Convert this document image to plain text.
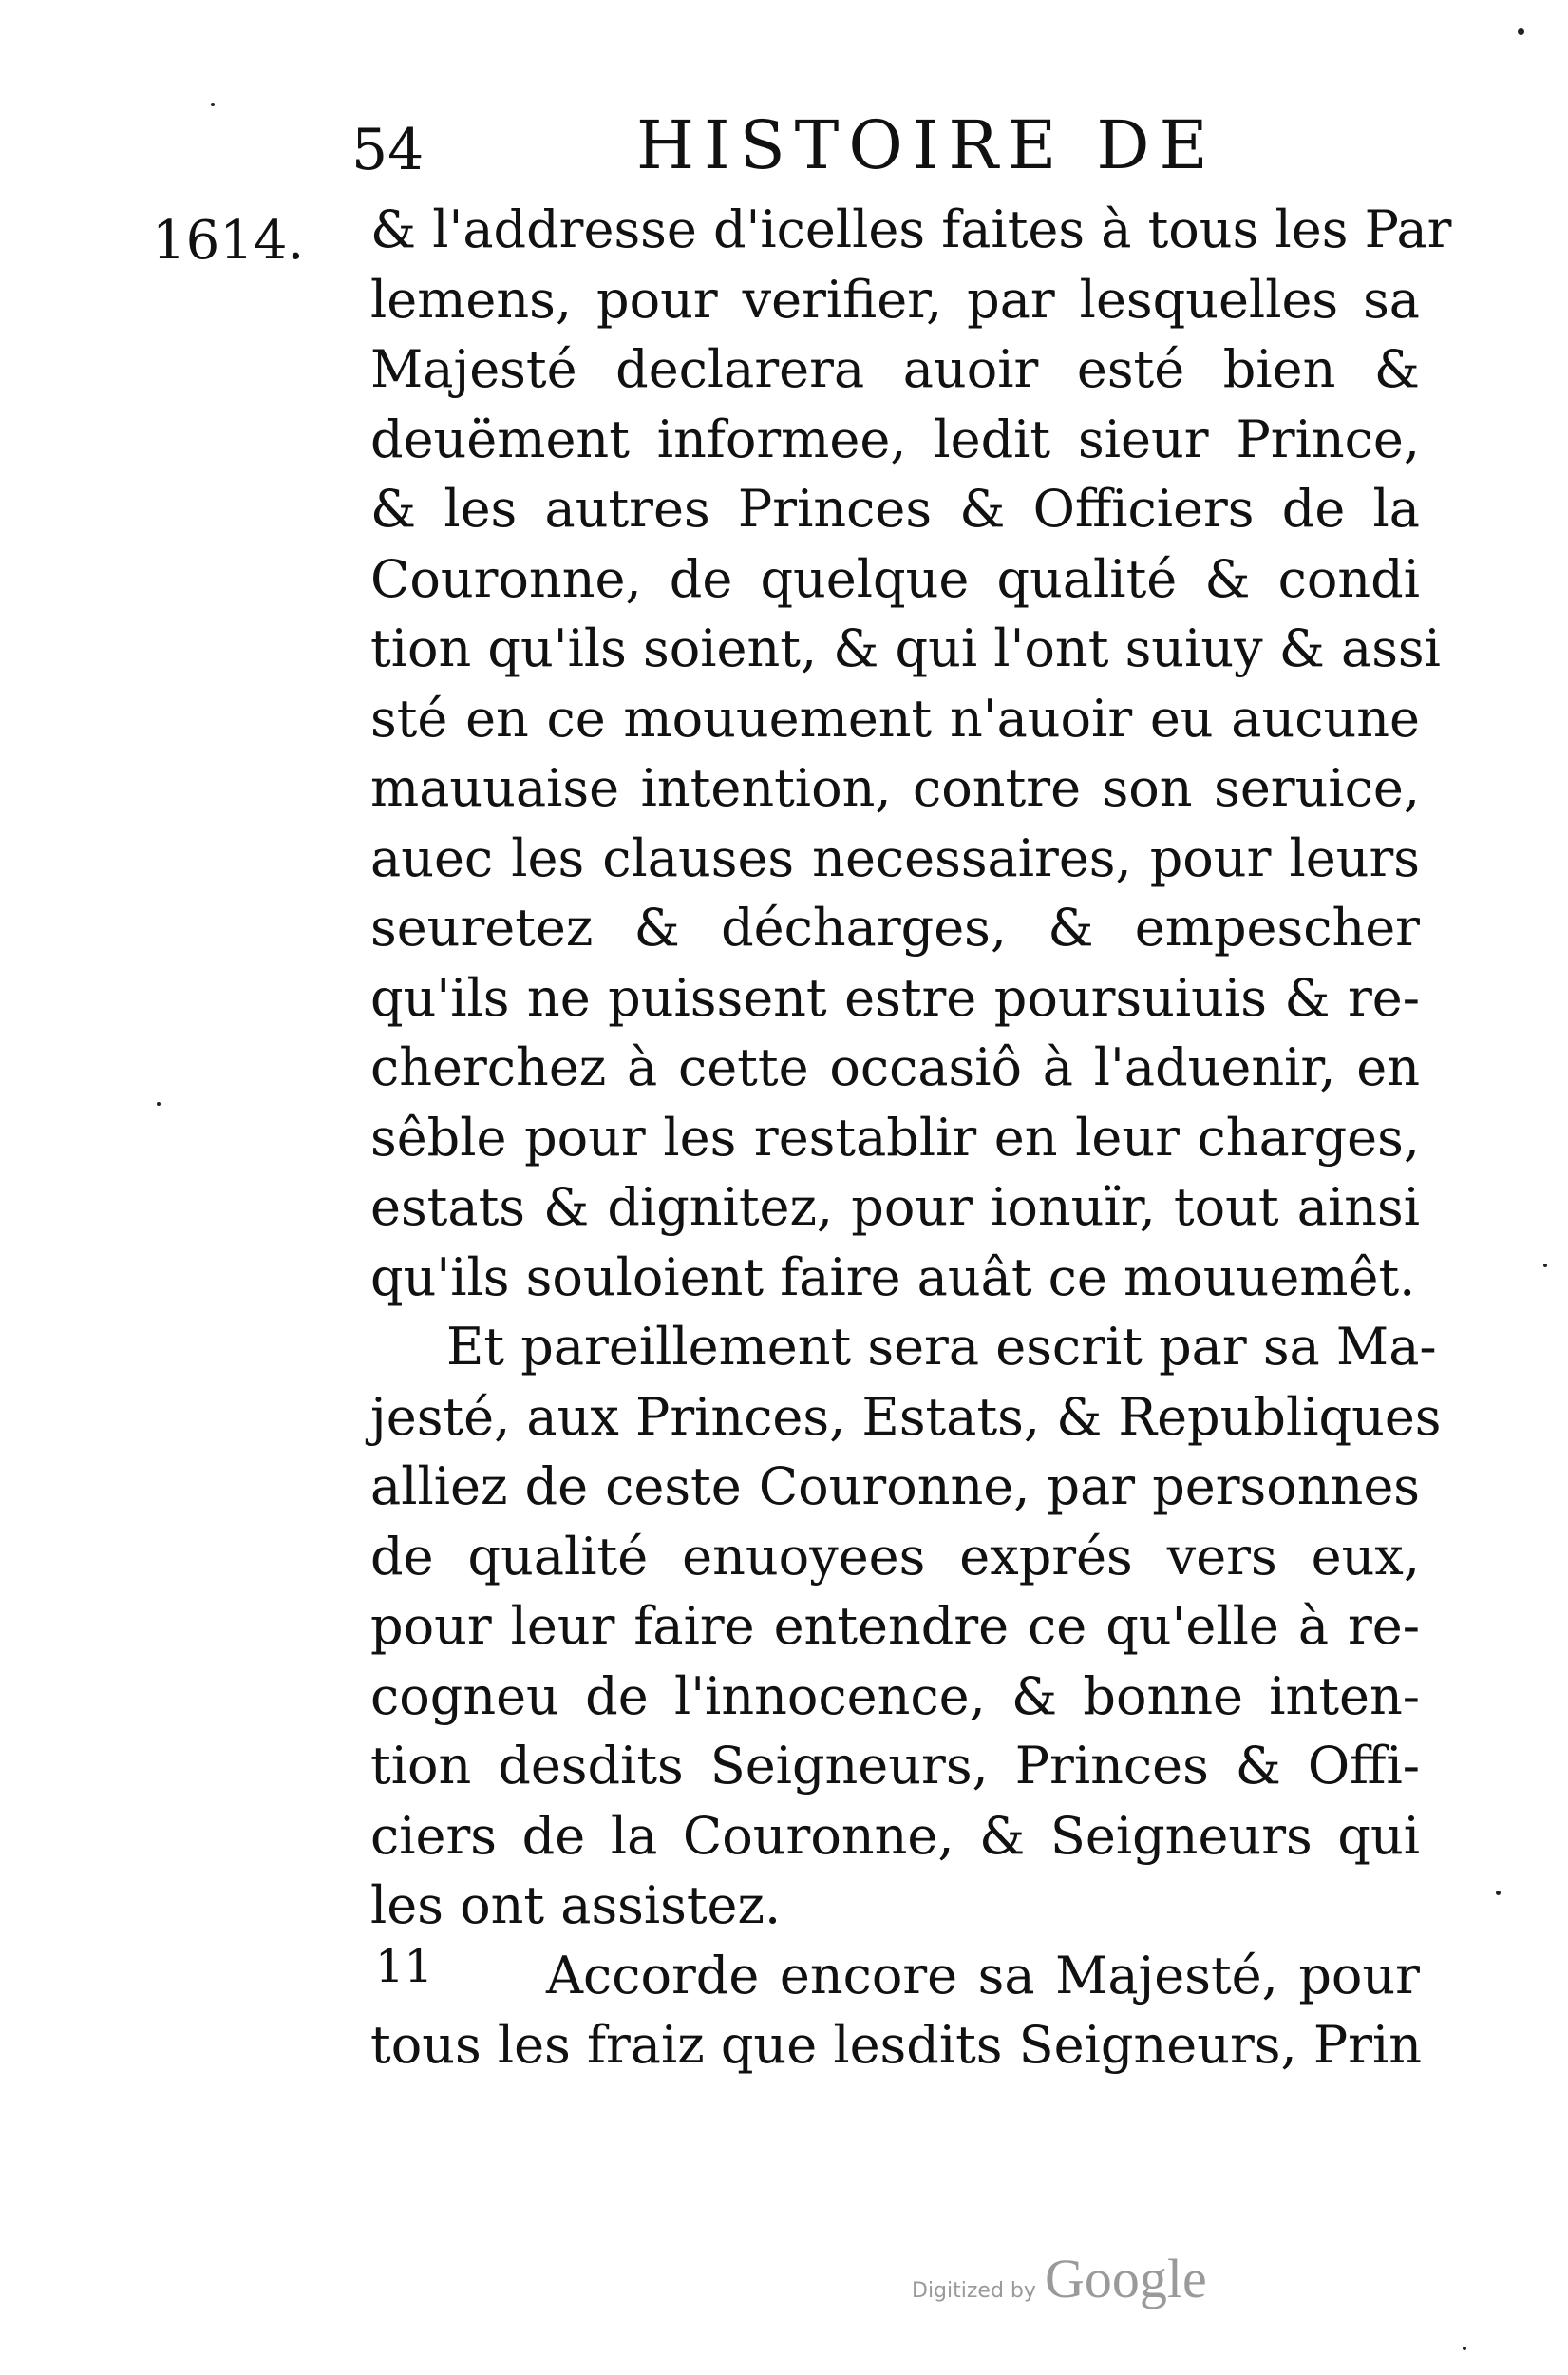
54	HISTOIRE DE
1614.
11
& l'addresse d'icelles faites à tous les Par
lemens, pour verifier, par lesquelles sa
Majesté declarera auoir esté bien &
deuëment informee, ledit sieur Prince,
& les autres Princes & Officiers de la
Couronne, de quelque qualité & condi
tion qu'ils soient, & qui l'ont suiuy & assi
sté en ce mouuement n'auoir eu aucune
mauuaise intention, contre son seruice,
auec les clauses necessaires, pour leurs
seuretez & décharges, & empescher
qu'ils ne puissent estre poursuiuis & re-
cherchez à cette occasiô à l'aduenir, en
sêble pour les restablir en leur charges,
estats & dignitez, pour ionuïr, tout ainsi
qu'ils souloient faire auât ce mouuemêt.
Et pareillement sera escrit par sa Ma-
jesté, aux Princes, Estats, & Republiques
alliez de ceste Couronne, par personnes
de qualité enuoyees exprés vers eux,
pour leur faire entendre ce qu'elle à re-
cogneu de l'innocence, & bonne inten-
tion desdits Seigneurs, Princes & Offi-
ciers de la Couronne, & Seigneurs qui
les ont assistez.
Accorde encore sa Majesté, pour
tous les fraiz que lesdits Seigneurs, Prin
Digitized by Google
